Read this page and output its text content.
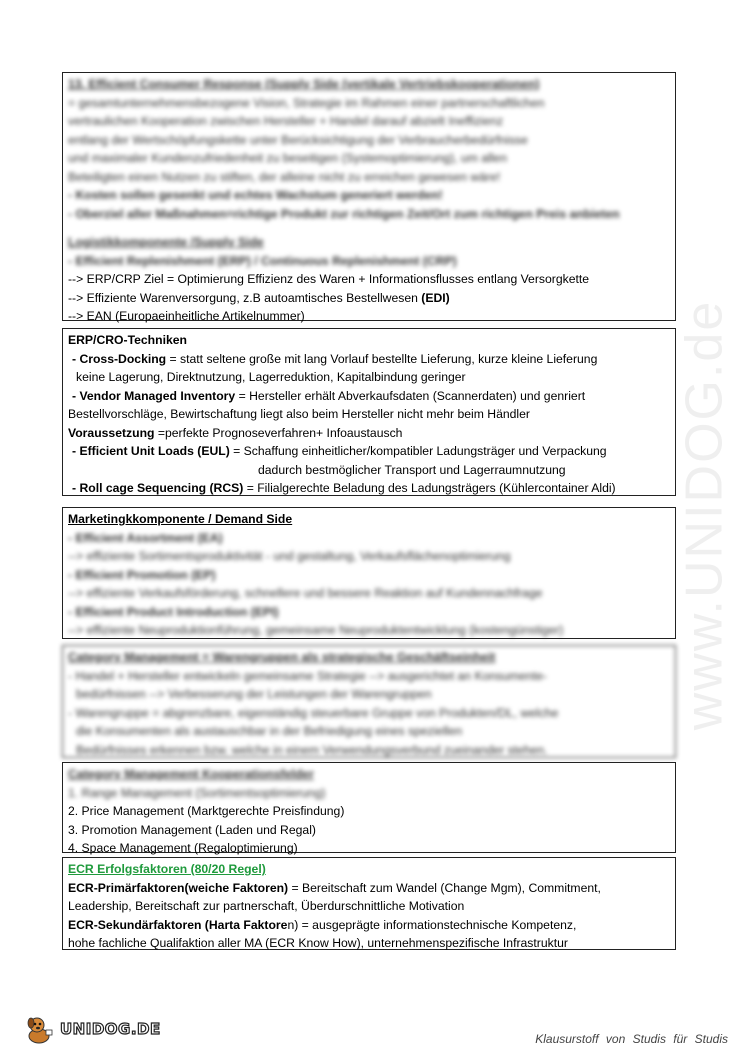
www.UNIDOG.de
13. Efficient Consumer Response (Supply Side (vertikale Vertriebskooperationen)
= gesamtunternehmensbezogene Vision, Strategie im Rahmen einer partnerschaftlichen
vertraulichen Kooperation zwischen Hersteller + Handel darauf abzielt Ineffizienz
entlang der Wertschöpfungskette unter Berücksichtigung der Verbraucherbedürfnisse
und maximaler Kundenzufriedenheit zu beseitigen (Systemoptimierung), um allen
Beteiligten einen Nutzen zu stiften, der alleine nicht zu erreichen gewesen wäre!
- Kosten sollen gesenkt und echtes Wachstum generiert werden!
- Oberziel aller Maßnahmen=richtige Produkt zur richtigen Zeit/Ort zum richtigen Preis anbieten
Logistikkomponente /Supply Side
- Efficient Replenishment (ERP) / Continuous Replenishment (CRP)
--> ERP/CRP Ziel = Optimierung Effizienz des Waren + Informationsflusses entlang Versorgkette
--> Effiziente Warenversorgung, z.B autoamtisches Bestellwesen (EDI)
--> EAN (Europaeinheitliche Artikelnummer)
ERP/CRO-Techniken
- Cross-Docking = statt seltene große mit lang Vorlauf bestellte Lieferung, kurze kleine Lieferung
keine Lagerung, Direktnutzung, Lagerreduktion, Kapitalbindung geringer
- Vendor Managed Inventory = Hersteller erhält Abverkaufsdaten (Scannerdaten) und genriert
Bestellvorschläge, Bewirtschaftung liegt also beim Hersteller nicht mehr beim Händler
Voraussetzung =perfekte Prognoseverfahren+ Infoaustausch
- Efficient Unit Loads (EUL) = Schaffung einheitlicher/kompatibler Ladungsträger und Verpackung
dadurch bestmöglicher Transport und Lagerraumnutzung
- Roll cage Sequencing (RCS) = Filialgerechte Beladung des Ladungsträgers (Kühlercontainer Aldi)
Marketingkkomponente / Demand Side
- Efficient Assortment (EA)
--> effiziente Sortimentsproduktivität - und gestaltung, Verkaufsflächenoptimierung
- Efficient Promotion (EP)
--> effiziente Verkaufsförderung, schnellere und bessere Reaktion auf Kundennachfrage
- Efficient Product Introduction (EPI)
--> effiziente Neuproduktionführung, gemeinsame Neuproduktentwicklung (kostengünstiger)
Category Management = Warengruppen als strategische Geschäftseinheit
- Handel + Hersteller entwickeln gemeinsame Strategie --> ausgerichtet an Konsumente-
bedürfnissen --> Verbesserung der Leistungen der Warengruppen
- Warengruppe = abgrenzbare, eigenständig steuerbare Gruppe von Produkten/DL, welche
die Konsumenten als austauschbar in der Befriedigung eines speziellen
Bedürfnisses erkennen bzw. welche in einem Verwendungsverbund zueinander stehen.
Category Management Kooperationsfelder
1. Range Management (Sortimentsoptimierung)
2. Price Management (Marktgerechte Preisfindung)
3. Promotion Management (Laden und Regal)
4. Space Management (Regaloptimierung)
ECR Erfolgsfaktoren (80/20 Regel)
ECR-Primärfaktoren(weiche Faktoren) = Bereitschaft zum Wandel (Change Mgm), Commitment,
Leadership, Bereitschaft zur partnerschaft, Überdurschnittliche Motivation
ECR-Sekundärfaktoren (Harta Faktoren) = ausgeprägte informationstechnische Kompetenz,
hohe fachliche Qualifaktion aller MA (ECR Know How), unternehmenspezifische Infrastruktur
UNIDOG.DE
Klausurstoff von Studis für Studis
